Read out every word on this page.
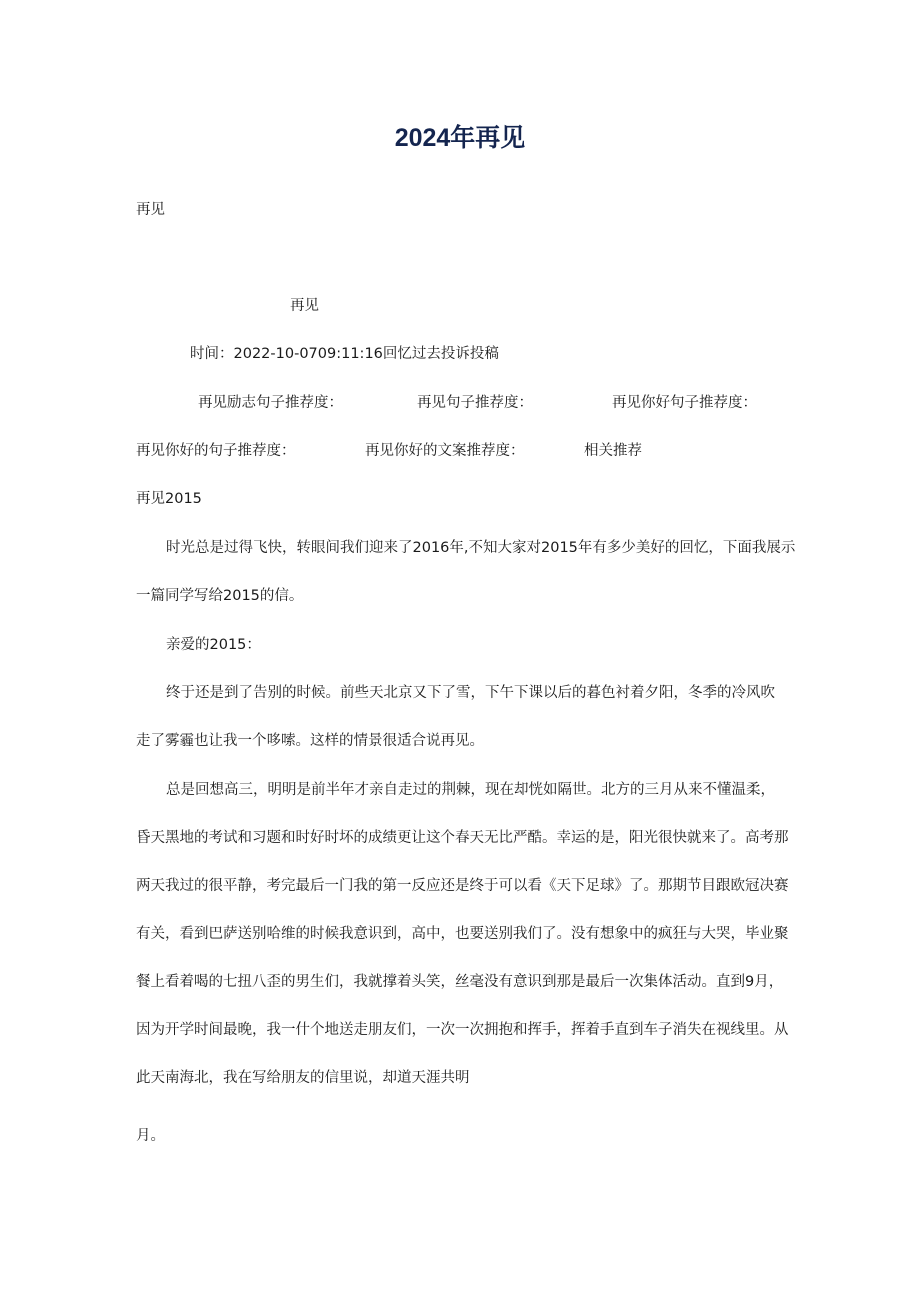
2024年再见

再见

再见

时间：2022-10-0709:11:16回忆过去投诉投稿

再见励志句子推荐度：	再见句子推荐度：	再见你好句子推荐度：
再见你好的句子推荐度：	再见你好的文案推荐度：	相关推荐

再见2015

时光总是过得飞快，转眼间我们迎来了2016年,不知大家对2015年有多少美好的回忆，下面我展示

一篇同学写给2015的信。

亲爱的2015：

终于还是到了告别的时候。前些天北京又下了雪，下午下课以后的暮色衬着夕阳，冬季的冷风吹

走了雾霾也让我一个哆嗦。这样的情景很适合说再见。

总是回想高三，明明是前半年才亲自走过的荆棘，现在却恍如隔世。北方的三月从来不懂温柔，

昏天黑地的考试和习题和时好时坏的成绩更让这个春天无比严酷。幸运的是，阳光很快就来了。高考那

两天我过的很平静，考完最后一门我的第一反应还是终于可以看《天下足球》了。那期节目跟欧冠决赛

有关，看到巴萨送别哈维的时候我意识到，高中，也要送别我们了。没有想象中的疯狂与大哭，毕业聚

餐上看着喝的七扭八歪的男生们，我就撑着头笑，丝毫没有意识到那是最后一次集体活动。直到9月，

因为开学时间最晚，我一什个地送走朋友们，一次一次拥抱和挥手，挥着手直到车子消失在视线里。从

此天南海北，我在写给朋友的信里说，却道天涯共明

月。
